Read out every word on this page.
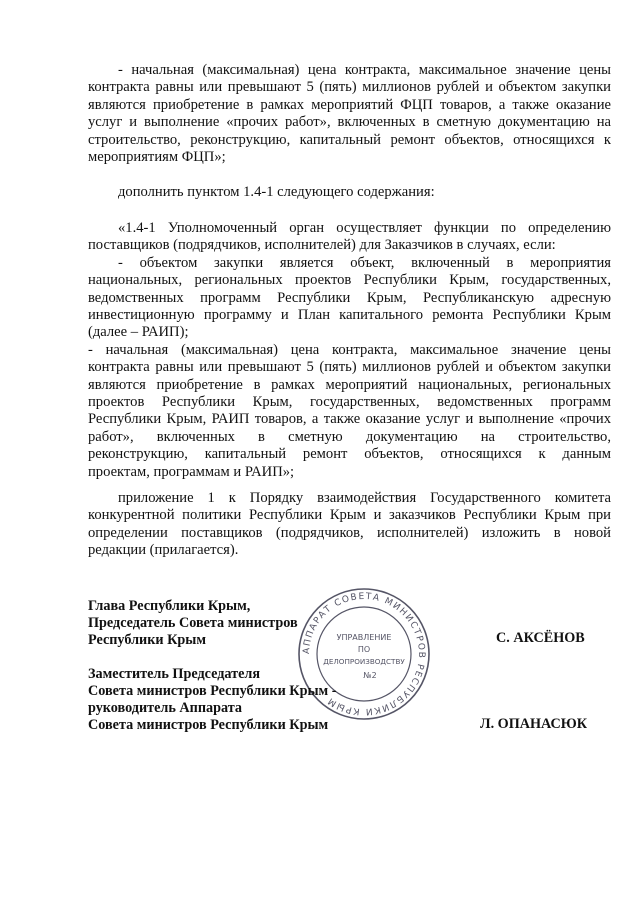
- начальная (максимальная) цена контракта, максимальное значение цены
контракта равны или превышают 5 (пять) миллионов рублей и объектом закупки
являются приобретение в рамках мероприятий ФЦП товаров, а также оказание
услуг и выполнение «прочих работ», включенных в сметную документацию на
строительство, реконструкцию, капитальный ремонт объектов, относящихся к
мероприятиям ФЦП»;
дополнить пунктом 1.4-1 следующего содержания:
«1.4-1 Уполномоченный орган осуществляет функции по определению
поставщиков (подрядчиков, исполнителей) для Заказчиков в случаях, если:
- объектом закупки является объект, включенный в мероприятия
национальных, региональных проектов Республики Крым, государственных,
ведомственных программ Республики Крым, Республиканскую адресную
инвестиционную программу и План капитального ремонта Республики Крым
(далее – РАИП);
- начальная (максимальная) цена контракта, максимальное значение цены
контракта равны или превышают 5 (пять) миллионов рублей и объектом закупки
являются приобретение в рамках мероприятий национальных, региональных
проектов Республики Крым, государственных, ведомственных программ
Республики Крым, РАИП товаров, а также оказание услуг и выполнение «прочих
работ», включенных в сметную документацию на строительство,
реконструкцию, капитальный ремонт объектов, относящихся к данным
проектам, программам и РАИП»;
приложение 1 к Порядку взаимодействия Государственного комитета
конкурентной политики Республики Крым и заказчиков Республики Крым при
определении поставщиков (подрядчиков, исполнителей) изложить в новой
редакции (прилагается).
АППАРАТ СОВЕТА МИНИСТРОВ РЕСПУБЛИКИ КРЫМ
УПРАВЛЕНИЕ
ПО
ДЕЛОПРОИЗВОДСТВУ
№2
Глава Республики Крым,
Председатель Совета министров
Республики Крым	С. АКСЁНОВ
Заместитель Председателя
Совета министров Республики Крым -
руководитель Аппарата
Совета министров Республики Крым	Л. ОПАНАСЮК
